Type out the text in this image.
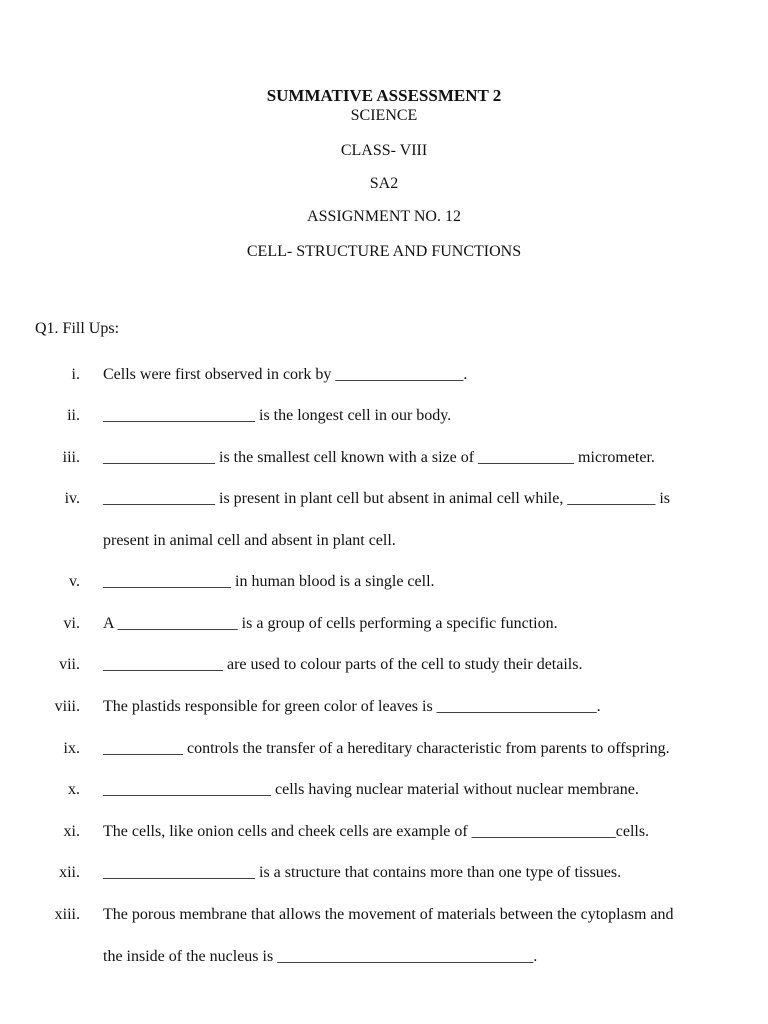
SUMMATIVE ASSESSMENT 2
SCIENCE
CLASS- VIII
SA2
ASSIGNMENT NO. 12
CELL- STRUCTURE AND FUNCTIONS
Q1. Fill Ups:
i. Cells were first observed in cork by ________________.
ii. ___________________ is the longest cell in our body.
iii. ______________ is the smallest cell known with a size of ____________ micrometer.
iv. ______________ is present in plant cell but absent in animal cell while, ___________ is
present in animal cell and absent in plant cell.
v. ________________ in human blood is a single cell.
vi. A _______________ is a group of cells performing a specific function.
vii. _______________ are used to colour parts of the cell to study their details.
viii. The plastids responsible for green color of leaves is ____________________.
ix. __________ controls the transfer of a hereditary characteristic from parents to offspring.
x. _____________________ cells having nuclear material without nuclear membrane.
xi. The cells, like onion cells and cheek cells are example of __________________cells.
xii. ___________________ is a structure that contains more than one type of tissues.
xiii. The porous membrane that allows the movement of materials between the cytoplasm and
the inside of the nucleus is ________________________________.
